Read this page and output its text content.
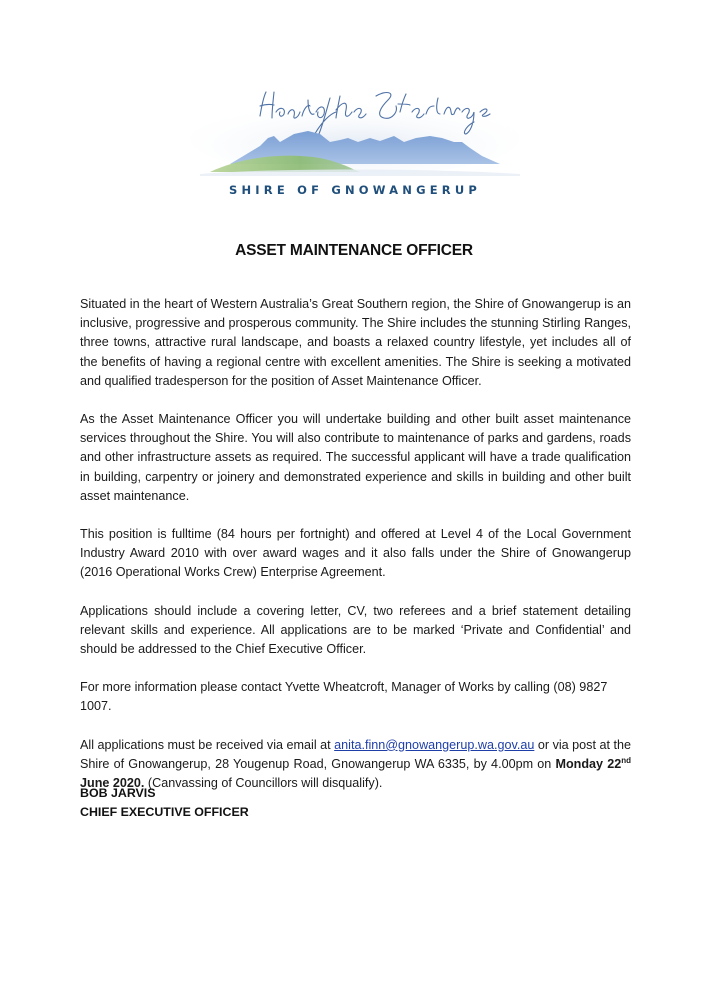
SHIRE OF GNOWANGERUP
ASSET MAINTENANCE OFFICER

Situated in the heart of Western Australia’s Great Southern region, the Shire of Gnowangerup is an inclusive, progressive and prosperous community. The Shire includes the stunning Stirling Ranges, three towns, attractive rural landscape, and boasts a relaxed country lifestyle, yet includes all of the benefits of having a regional centre with excellent amenities. The Shire is seeking a motivated and qualified tradesperson for the position of Asset Maintenance Officer.

As the Asset Maintenance Officer you will undertake building and other built asset maintenance services throughout the Shire. You will also contribute to maintenance of parks and gardens, roads and other infrastructure assets as required. The successful applicant will have a trade qualification in building, carpentry or joinery and demonstrated experience and skills in building and other built asset maintenance.

This position is fulltime (84 hours per fortnight) and offered at Level 4 of the Local Government Industry Award 2010 with over award wages and it also falls under the Shire of Gnowangerup (2016 Operational Works Crew) Enterprise Agreement.

Applications should include a covering letter, CV, two referees and a brief statement detailing relevant skills and experience. All applications are to be marked ‘Private and Confidential’ and should be addressed to the Chief Executive Officer.

For more information please contact Yvette Wheatcroft, Manager of Works by calling (08) 9827 1007.

All applications must be received via email at anita.finn@gnowangerup.wa.gov.au or via post at the Shire of Gnowangerup, 28 Yougenup Road, Gnowangerup WA 6335, by 4.00pm on Monday 22nd June 2020. (Canvassing of Councillors will disqualify).

BOB JARVIS
CHIEF EXECUTIVE OFFICER
